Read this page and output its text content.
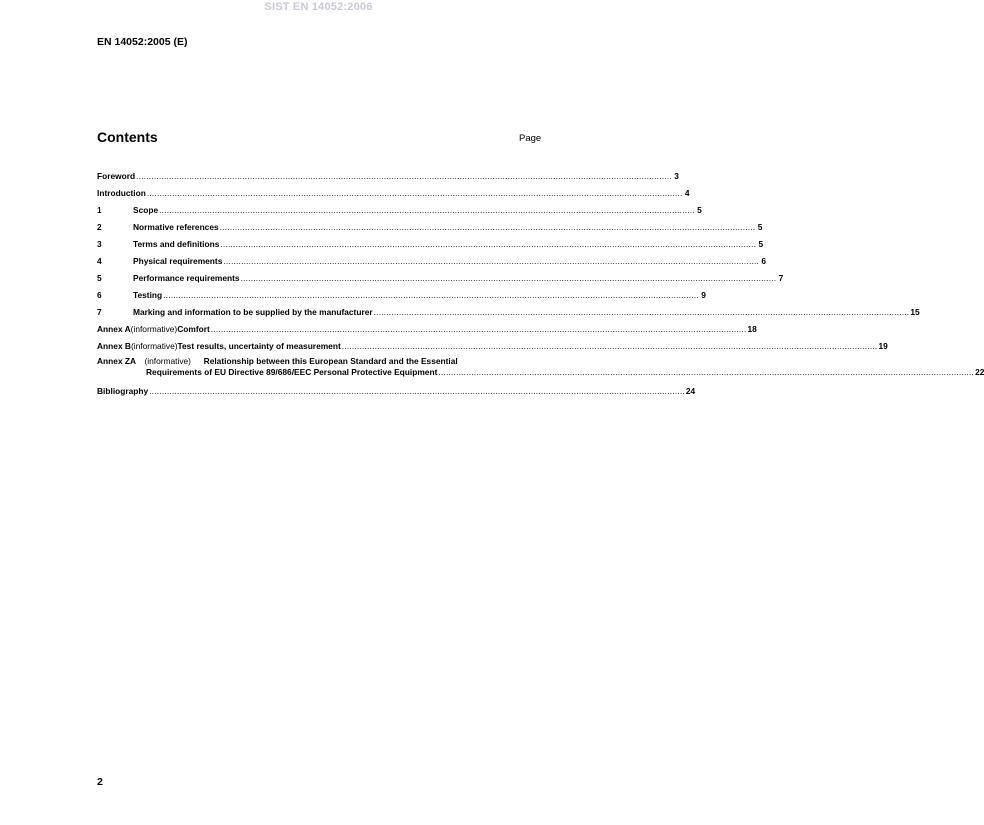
SIST EN 14052:2006
EN 14052:2005 (E)
Contents	Page
Foreword .................................................................................................................................................................................................................... 3
Introduction .................................................................................................................................................................................................................... 4
1	Scope .................................................................................................................................................................................................................... 5
2	Normative references .................................................................................................................................................................................................................... 5
3	Terms and definitions .................................................................................................................................................................................................................... 5
4	Physical requirements .................................................................................................................................................................................................................... 6
5	Performance requirements .................................................................................................................................................................................................................... 7
6	Testing .................................................................................................................................................................................................................... 9
7	Marking and information to be supplied by the manufacturer .................................................................................................................................................................................................................... 15
Annex A (informative) Comfort .................................................................................................................................................................................................................... 18
Annex B (informative) Test results, uncertainty of measurement .................................................................................................................................................................................................................... 19
Annex ZA (informative) Relationship between this European Standard and the Essential
Requirements of EU Directive 89/686/EEC Personal Protective Equipment .................................................................................................................................................................................................................... 22
Bibliography .................................................................................................................................................................................................................... 24
2
